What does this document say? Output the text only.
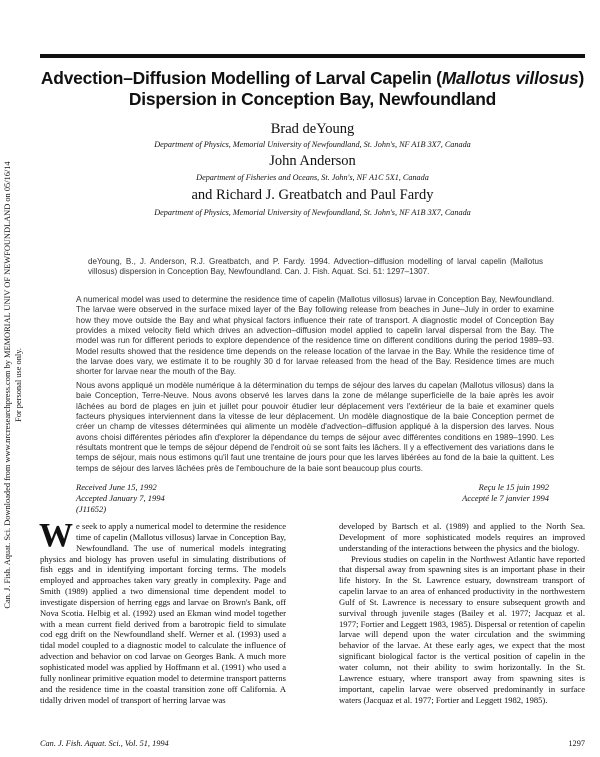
Can. J. Fish. Aquat. Sci. Downloaded from www.nrcresearchpress.com by MEMORIAL UNIV OF NEWFOUNDLAND on 05/16/14 For personal use only.
Advection–Diffusion Modelling of Larval Capelin (Mallotus villosus)
Dispersion in Conception Bay, Newfoundland
Brad deYoung
Department of Physics, Memorial University of Newfoundland, St. John's, NF A1B 3X7, Canada
John Anderson
Department of Fisheries and Oceans, St. John's, NF A1C 5X1, Canada
and Richard J. Greatbatch and Paul Fardy
Department of Physics, Memorial University of Newfoundland, St. John's, NF A1B 3X7, Canada
deYoung, B., J. Anderson, R.J. Greatbatch, and P. Fardy. 1994. Advection–diffusion modelling of larval capelin (Mallotus villosus) dispersion in Conception Bay, Newfoundland. Can. J. Fish. Aquat. Sci. 51: 1297–1307.
A numerical model was used to determine the residence time of capelin (Mallotus villosus) larvae in Conception Bay, Newfoundland. The larvae were observed in the surface mixed layer of the Bay following release from beaches in June–July in order to examine how they move outside the Bay and what physical factors influence their rate of transport. A diagnostic model of Conception Bay provides a mixed velocity field which drives an advection–diffusion model applied to capelin larval dispersal from the Bay. The model was run for different periods to explore dependence of the residence time on different conditions during the period 1989–93. Model results showed that the residence time depends on the release location of the larvae in the Bay. While the residence time of the larvae does vary, we estimate it to be roughly 30 d for larvae released from the head of the Bay. Residence times are much shorter for larvae near the mouth of the Bay.
Nous avons appliqué un modèle numérique à la détermination du temps de séjour des larves du capelan (Mallotus villosus) dans la baie Conception, Terre-Neuve. Nous avons observé les larves dans la zone de mélange superficielle de la baie après les avoir lâchées au bord de plages en juin et juillet pour pouvoir étudier leur déplacement vers l'extérieur de la baie et examiner quels facteurs physiques interviennent dans la vitesse de leur déplacement. Un modèle diagnostique de la baie Conception permet de créer un champ de vitesses déterminées qui alimente un modèle d'advection–diffusion appliqué à la dispersion des larves. Nous avons choisi différentes périodes afin d'explorer la dépendance du temps de séjour avec différentes conditions en 1989–1990. Les résultats montrent que le temps de séjour dépend de l'endroit où se sont faits les lâchers. Il y a effectivement des variations dans le temps de séjour, mais nous estimons qu'il faut une trentaine de jours pour que les larves libérées au fond de la baie la quittent. Les temps de séjour des larves lâchées près de l'embouchure de la baie sont beaucoup plus courts.
Received June 15, 1992
Accepted January 7, 1994
(J11652)
Reçu le 15 juin 1992
Accepté le 7 janvier 1994

We seek to apply a numerical model to determine the residence time of capelin (Mallotus villosus) larvae in Conception Bay, Newfoundland. The use of numerical models integrating physics and biology has proven useful in simulating distributions of fish eggs and in identifying important forcing terms. The models employed and approaches taken vary greatly in complexity. Page and Smith (1989) applied a two dimensional time dependent model to investigate dispersion of herring eggs and larvae on Brown's Bank, off Nova Scotia. Helbig et al. (1992) used an Ekman wind model together with a mean current field derived from a barotropic field to simulate cod egg drift on the Newfoundland shelf. Werner et al. (1993) used a tidal model coupled to a diagnostic model to calculate the influence of advection and behavior on cod larvae on Georges Bank. A much more sophisticated model was applied by Hoffmann et al. (1991) who used a fully nonlinear primitive equation model to determine transport patterns and the residence time in the coastal transition zone off California. A tidally driven model of transport of herring larvae was

developed by Bartsch et al. (1989) and applied to the North Sea. Development of more sophisticated models requires an improved understanding of the interactions between the physics and the biology.

Previous studies on capelin in the Northwest Atlantic have reported that dispersal away from spawning sites is an important phase in their life history. In the St. Lawrence estuary, downstream transport of capelin larvae to an area of enhanced productivity in the northwestern Gulf of St. Lawrence is necessary to ensure subsequent growth and survival through juvenile stages (Bailey et al. 1977; Jacquaz et al. 1977; Fortier and Leggett 1983, 1985). Dispersal or retention of capelin larvae will depend upon the water circulation and the swimming behavior of the larvae. At these early ages, we expect that the most significant biological factor is the vertical position of capelin in the water column, not their ability to swim horizontally. In the St. Lawrence estuary, where transport away from spawning sites is important, capelin larvae were observed predominantly in surface waters (Jacquaz et al. 1977; Fortier and Leggett 1982, 1985).

Can. J. Fish. Aquat. Sci., Vol. 51, 1994	1297
